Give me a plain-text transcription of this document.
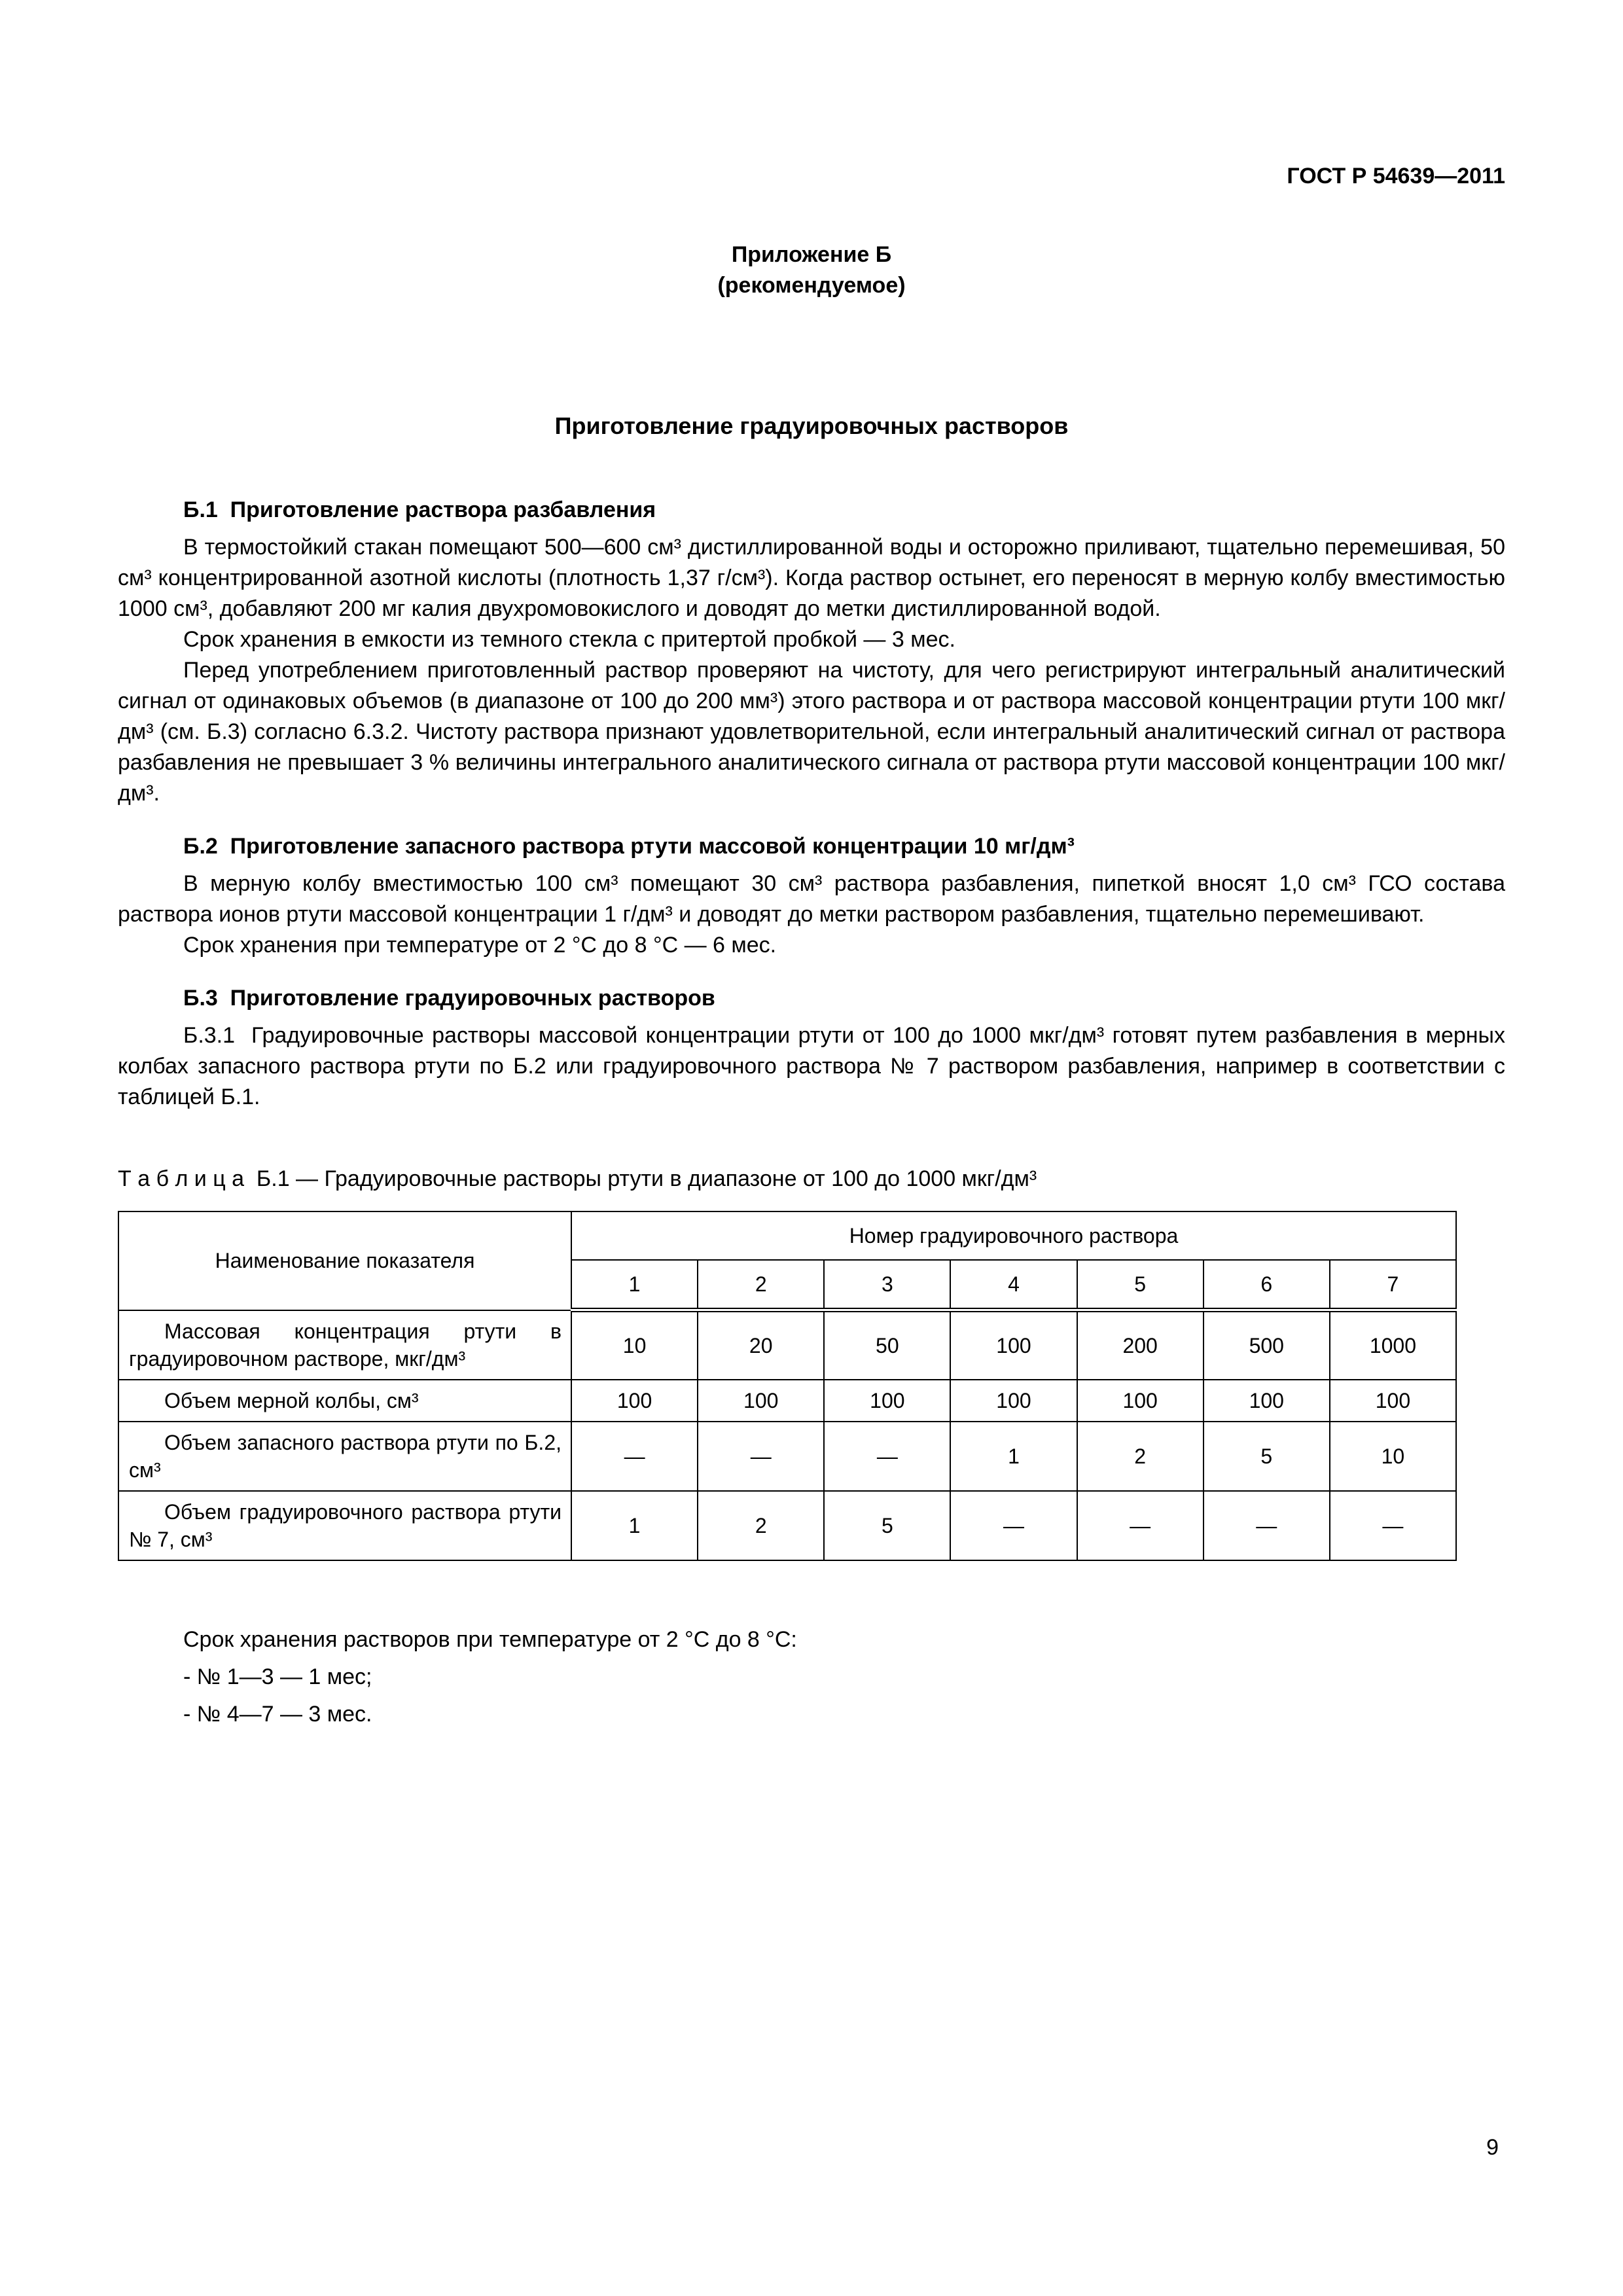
ГОСТ Р 54639—2011
Приложение Б
(рекомендуемое)
Приготовление градуировочных растворов
Б.1  Приготовление раствора разбавления

В термостойкий стакан помещают 500—600 см³ дистиллированной воды и осторожно приливают, тщательно перемешивая, 50 см³ концентрированной азотной кислоты (плотность 1,37 г/см³). Когда раствор остынет, его переносят в мерную колбу вместимостью 1000 см³, добавляют 200 мг калия двухромовокислого и доводят до метки дистиллированной водой.

Срок хранения в емкости из темного стекла с притертой пробкой — 3 мес.

Перед употреблением приготовленный раствор проверяют на чистоту, для чего регистрируют интегральный аналитический сигнал от одинаковых объемов (в диапазоне от 100 до 200 мм³) этого раствора и от раствора массовой концентрации ртути 100 мкг/дм³ (см. Б.3) согласно 6.3.2. Чистоту раствора признают удовлетворительной, если интегральный аналитический сигнал от раствора разбавления не превышает 3 % величины интегрального аналитического сигнала от раствора ртути массовой концентрации 100 мкг/дм³.

Б.2  Приготовление запасного раствора ртути массовой концентрации 10 мг/дм³

В мерную колбу вместимостью 100 см³ помещают 30 см³ раствора разбавления, пипеткой вносят 1,0 см³ ГСО состава раствора ионов ртути массовой концентрации 1 г/дм³ и доводят до метки раствором разбавления, тщательно перемешивают.

Срок хранения при температуре от 2 °С до 8 °С — 6 мес.

Б.3  Приготовление градуировочных растворов

Б.3.1  Градуировочные растворы массовой концентрации ртути от 100 до 1000 мкг/дм³ готовят путем разбавления в мерных колбах запасного раствора ртути по Б.2 или градуировочного раствора № 7 раствором разбавления, например в соответствии с таблицей Б.1.

Т а б л и ц а  Б.1 — Градуировочные растворы ртути в диапазоне от 100 до 1000 мкг/дм³
Наименование показателя	Номер градуировочного раствора						
	1	2	3	4	5	6	7
Массовая концентрация ртути в градуировочном растворе, мкг/дм³	10	20	50	100	200	500	1000
Объем мерной колбы, см³	100	100	100	100	100	100	100
Объем запасного раствора ртути по Б.2, см³	—	—	—	1	2	5	10
Объем градуировочного раствора ртути № 7, см³	1	2	5	—	—	—	—
Срок хранения растворов при температуре от 2 °С до 8 °С:
- № 1—3 — 1 мес;
- № 4—7 — 3 мес.
9
